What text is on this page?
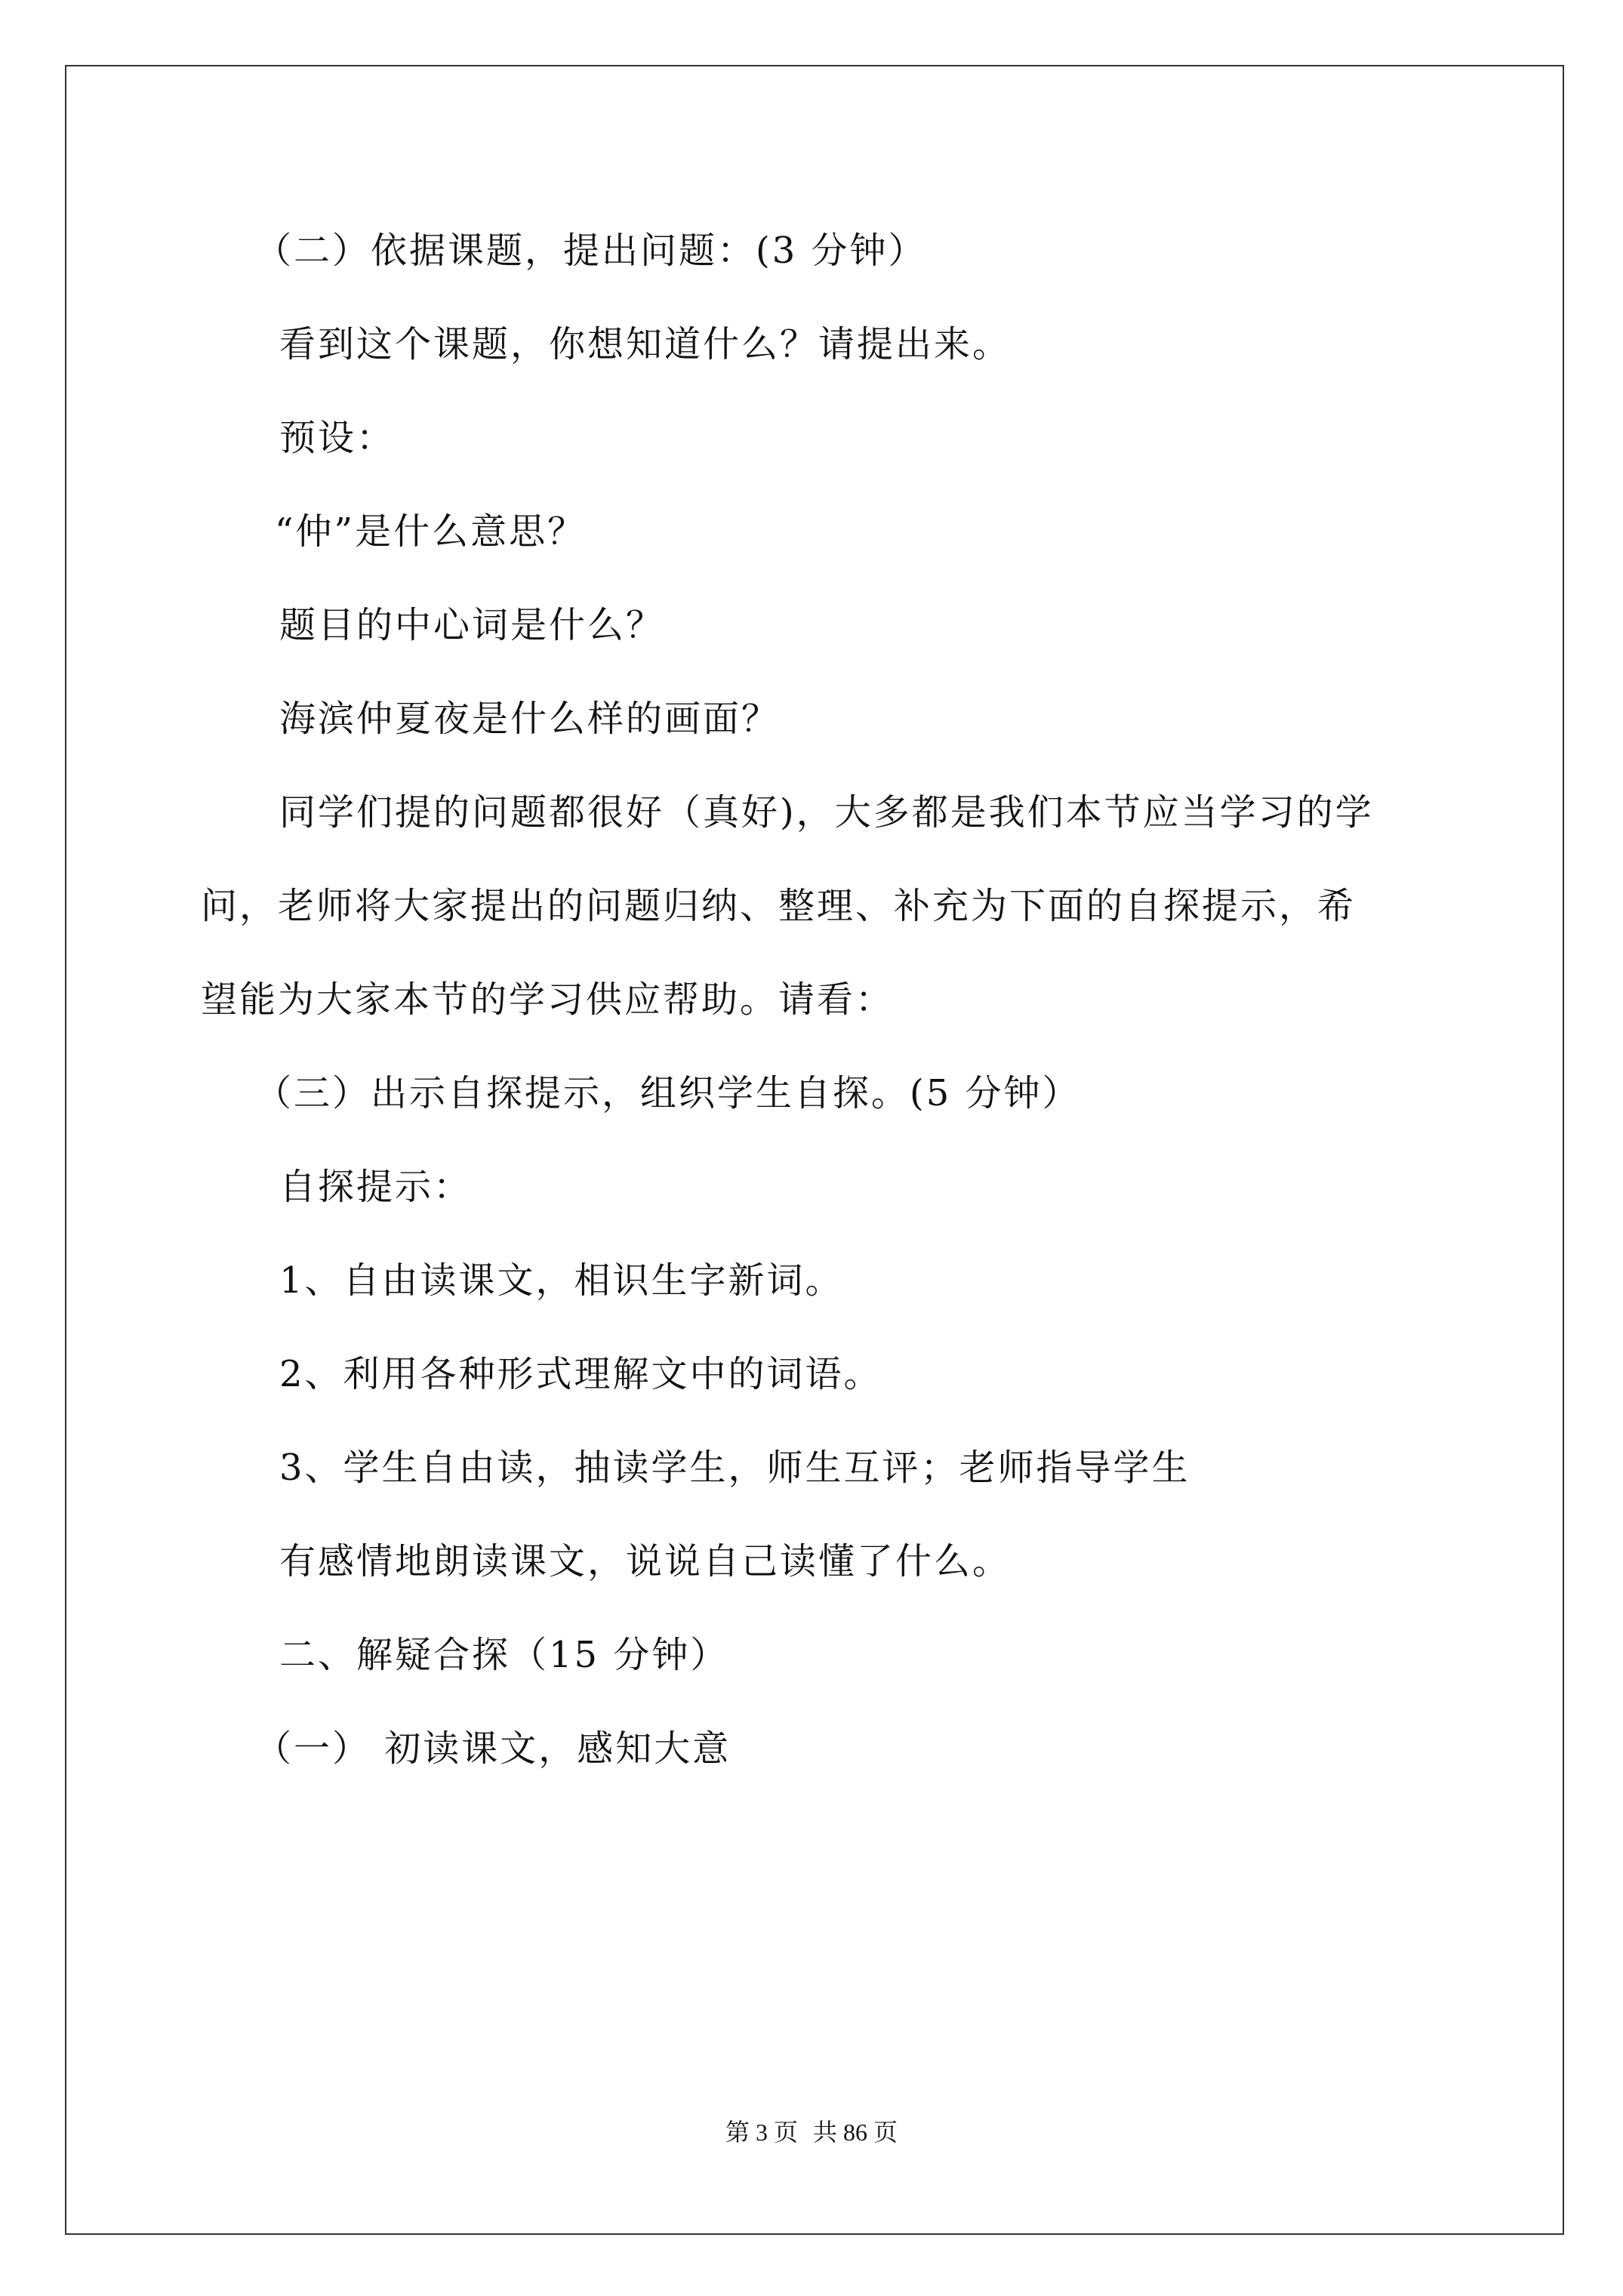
（二）依据课题，提出问题：(3 分钟）
看到这个课题，你想知道什么？请提出来。
预设：
“仲”是什么意思？
题目的中心词是什么？
海滨仲夏夜是什么样的画面？
同学们提的问题都很好（真好)，大多都是我们本节应当学习的学
问，老师将大家提出的问题归纳、整理、补充为下面的自探提示，希
望能为大家本节的学习供应帮助。请看：
（三）出示自探提示，组织学生自探。(5 分钟）
自探提示：
1、自由读课文，相识生字新词。
2、利用各种形式理解文中的词语。
3、学生自由读，抽读学生，师生互评；老师指导学生
有感情地朗读课文，说说自己读懂了什么。
二、解疑合探（15 分钟）
（一） 初读课文，感知大意
第 3 页 共 86 页
